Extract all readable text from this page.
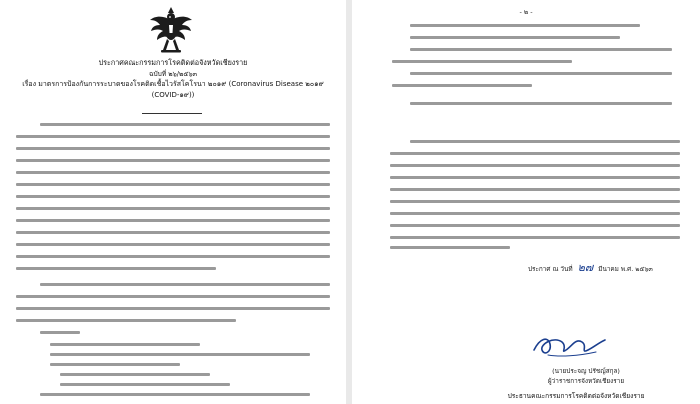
ประกาศคณะกรรมการโรคติดต่อจังหวัดเชียงราย
ฉบับที่ ๒๖/๒๕๖๓
เรื่อง มาตรการป้องกันการระบาดของโรคติดเชื้อไวรัสโคโรนา ๒๐๑๙ (Coronavirus Disease ๒๐๑๙
(COVID-๑๙))
- ๒ -
ประกาศ ณ วันที่ ๒๗ มีนาคม พ.ศ. ๒๕๖๓
(นายประจญ ปรัชญ์สกุล)
ผู้ว่าราชการจังหวัดเชียงราย
ประธานคณะกรรมการโรคติดต่อจังหวัดเชียงราย
